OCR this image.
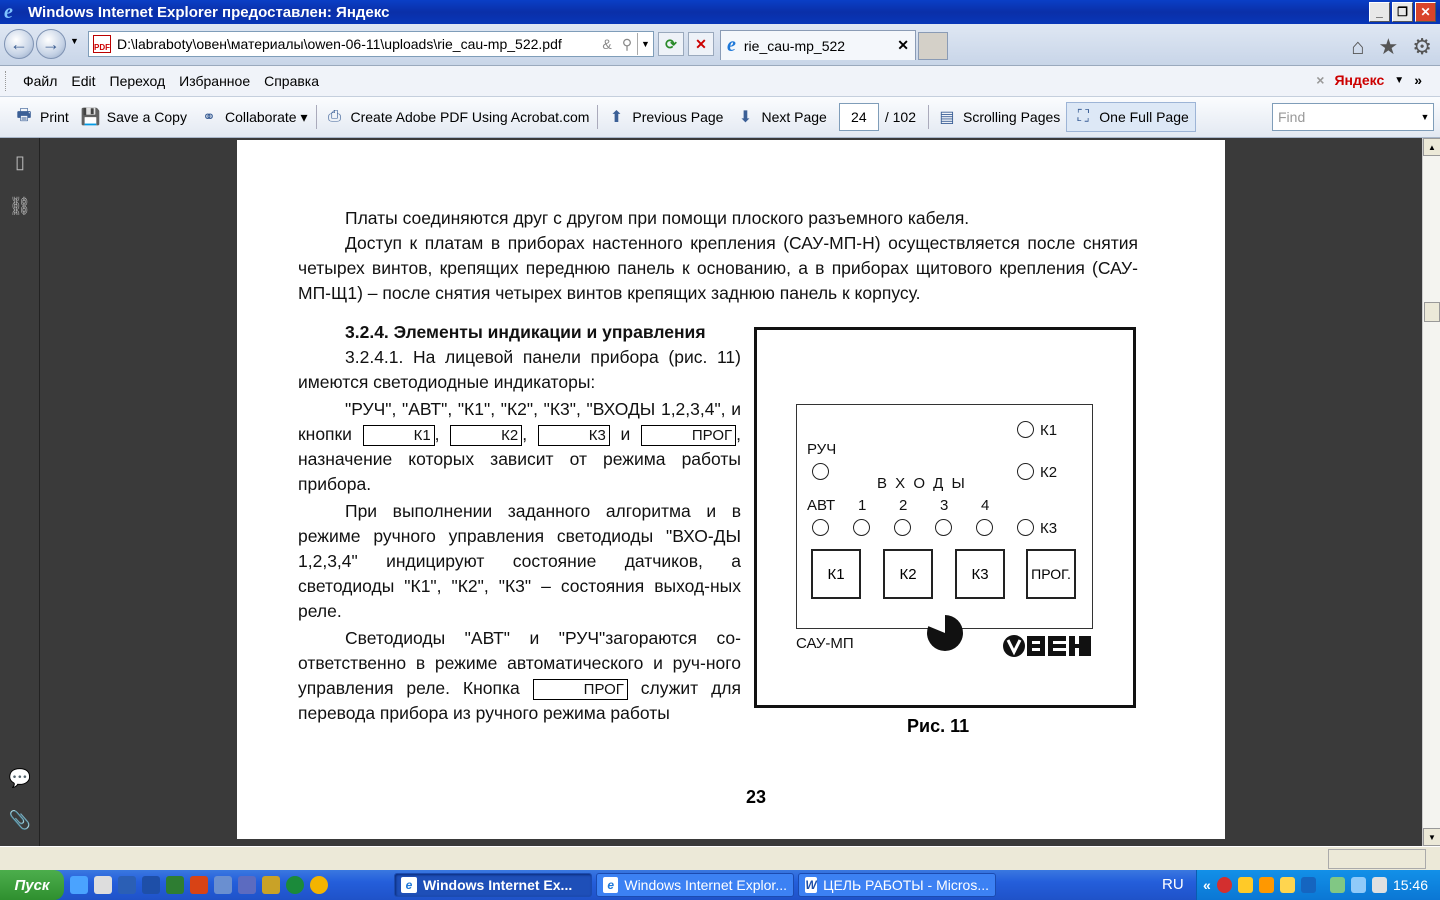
e	Windows Internet Explorer предоставлен: Яндекс	_	❐	✕
← →	▼
PDF D:\labraboty\овен\материалы\owen-06-11\uploads\rie_cau-mp_522.pdf	& ⚲ ▼	⟳	✕	e rie_cau-mp_522	✕	⌂ ★ ⚙
Файл	Edit	Переход	Избранное	Справка	× Яндекс ▼ »
🖶 Print 💾 Save a Copy ⚭ Collaborate ▾ ⎙ Create Adobe PDF Using Acrobat.com ⬆ Previous Page ⬇ Next Page	24	/ 102 ▤ Scrolling Pages ⛶ One Full Page	Find	▼
▯
⛓
💬
📎

Платы соединяются друг с другом при помощи плоского разъемного кабеля.

Доступ к платам в приборах настенного крепления (САУ-МП-Н) осуществляется после снятия четырех винтов, крепящих переднюю панель к основанию, а в приборах щитового крепления (САУ-МП-Щ1) – после снятия четырех винтов крепящих заднюю панель к корпусу.

3.2.4. Элементы индикации и управления

3.2.4.1. На лицевой панели прибора (рис. 11) имеются светодиодные индикаторы:

"РУЧ", "АВТ", "К1", "К2", "К3", "ВХОДЫ 1,2,3,4", и кнопки	К1 ,	К2 ,	К3 и	ПРОГ , назначение которых зависит от режима работы прибора.

При выполнении заданного алгоритма и в режиме ручного управления светодиоды "ВХО-ДЫ 1,2,3,4" индицируют состояние датчиков, а светодиоды "К1", "К2", "К3" – состояния выход-ных реле.

Светодиоды "АВТ" и "РУЧ"загораются со-ответственно в режиме автоматического и руч-ного управления реле. Кнопка	ПРОГ служит для перевода прибора из ручного режима работы

РУЧ
В Х О Д Ы
АВТ 1 2 3 4
К1
К2
К3
К1	К2	К3	ПРОГ.
САУ-МП
Рис. 11
23
▲
▼
Пуск	e Windows Internet Ex...	e Windows Internet Explor... W ЦЕЛЬ РАБОТЫ - Micros...	RU «	15:46
